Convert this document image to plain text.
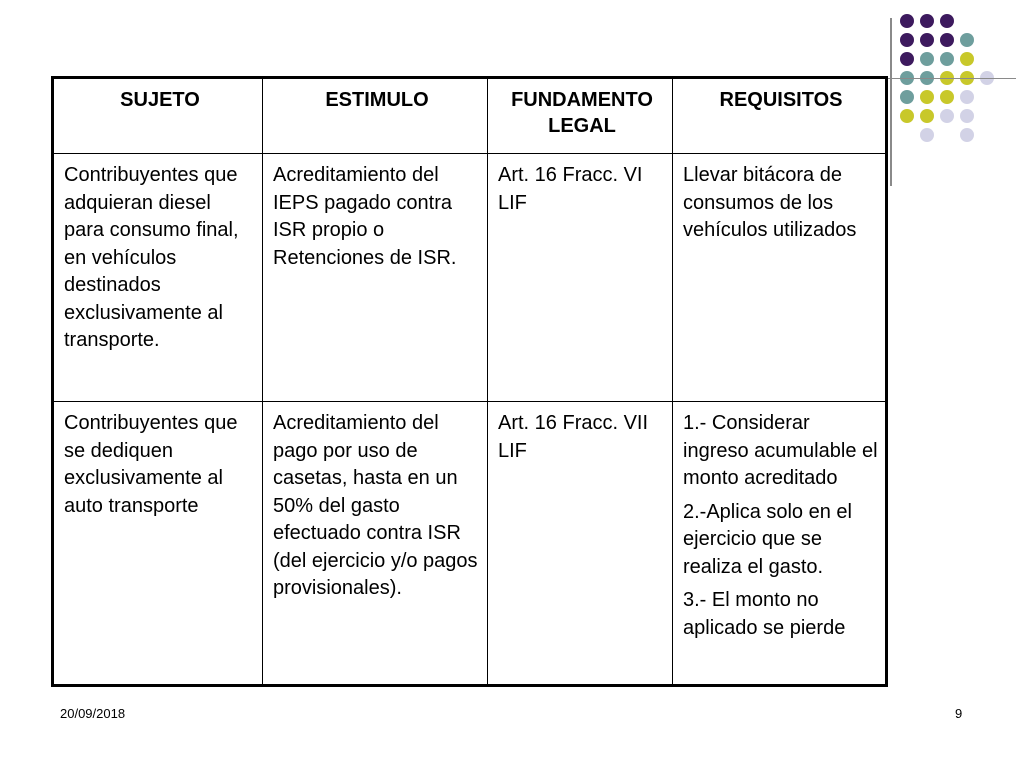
SUJETO	ESTIMULO	FUNDAMENTO LEGAL	REQUISITOS
Contribuyentes que adquieran diesel para consumo final, en vehículos destinados exclusivamente al transporte.	Acreditamiento del IEPS pagado contra ISR propio o Retenciones de ISR.	Art. 16 Fracc. VI LIF	Llevar bitácora de consumos de los vehículos utilizados

Contribuyentes que se dediquen exclusivamente al auto transporte	Acreditamiento del pago por uso de casetas, hasta en un 50% del gasto efectuado contra ISR (del ejercicio y/o pagos provisionales).	Art. 16 Fracc. VII LIF	1.- Considerar ingreso acumulable el monto acreditado

2.-Aplica solo en el ejercicio que se realiza el gasto.

3.- El monto no aplicado se pierde

20/09/2018	9
